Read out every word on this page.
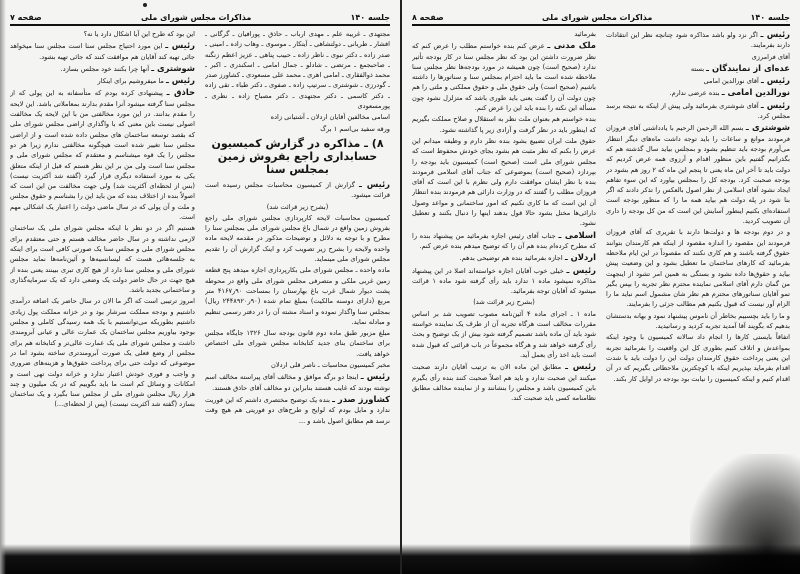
صفحه ۸	مذاکرات مجلس شورای ملی	جلسه ۱۴۰

رئیس ـ اگر نزد ولو باشد مذاکره شود چنانچه نظر این انتقادات دارند بفرمایند.

آقای فرامرزی

عده‌ای از نمایندگان ـ بسته

رئیس ـ آقای نورالدین امامی

نورالدین امامی ـ بنده عرضی ندارم.

رئیس ـ آقای شوشتری بفرمائید ولی پیش از اینکه به نتیجه برسد مجلس کرد.

شوشتری ـ بسم الله الرحمن الرحیم با یادداشتی آقای فروزان فرمودند موانع و ساعات را باید توجه داشت ماه‌های دیگر انتظار می‌آورم بودجه باید تنظیم بشود و بمجلس بیاید سال گذشته هم که بگذرانیم گفتیم باین منظور اقدام و آرزوی همه عرض کردیم که دولت باید تا آخر این ماه یعنی تا پنجم این ماه که ۲ روز هم بشود در بودجه صحبت کرد. بودجه کل را بمجلس بیاورد که این سوء تفاهم ایجاد نشود آقای اسلامی از نظر اصول بالعکس را تذکر دادند که اگر بنا شود در پله دولت هم بیاید همه ما را که منظور بودجه است استفاده‌ای بکنیم اینطور آسایش این است که من کل بودجه را داری آن تصویب کردید.

و در دوم بودجه ها و دولت‌ها دارند با تقریری که آقای فروزان فرمودند این مقصود را اندازه مقصود از اینکه هم کارمندان بتوانند حقوق گرفته باشند و هم کاری نکنند که مقصوداً در این ایام ملاحظه بفرمائید که کارهای ساختمان ما تعطیل بشود و این وضعیت پیش بیاید و حقوق‌ها داده نشود و بستگی به همین امر تشود از اینجهت من گمان دارم آقای اسلامی نماینده محترم نظر تجربه را بپس بگیر تمو آقایان سناتورهای محترم هم نظر شان مشمول اسم نباید ما را الزام آور نیست که قبول بکنیم هم مطالب جزئی را بفرمایند.

و ما را باید بچسبیم بخاطر آن ناموس پیشنهاد نمود و بهانه بدستشان بدهیم که بگویند آقا آمدید تجربه کردید و رسانیدید.

اتفاقاً بایستی کارها را انجام داد سالانه کمیسیون با وجود اینکه بمواعدش و اتلاف کنیم بطوری کل این واقعیت را بفرمائید تجربه این یعنی پرداخت حقوق کارمندان دولت این را دولت باید با شدت اقدام بفرماید بپذیریم اینکه با کوچکترین ملاحظاتی بگیریم که در آن اقدام کنیم و اینکه کمیسیون را نیابت بود بودجه در اوایل کار بکند.

بفرمائید

ملک مدنی ـ عرض کنم بنده خواستم مطلب را عرض کنم که نظر ضرورت داشتن این بود که نظر مجلس سنا در کار بودجه تأثیر ندارد (صحیح است) چون همیشه در مورد بودجه‌ها نظر مجلس سنا ملاحظه شده است ما باید احترام بمجلس سنا و سناتورها را داشته باشیم (صحیح است) ولی حقوق ملی و حقوق مملکتی و ملتی را هم چون دولت آن را گفت یعنی باید طوری باشد که متزلزل نشود چون مسأله این نکته را بنده باید این را عرض کنم.

بنده خواستم هم بعنوان ملت نظر به استقلال و صلاح مملکت بگیریم که اینطور باید در نظر گرفت و آزادی زیر پا گذاشته نشود.

حقوق ملت ایران تضییع بشود بنده نظر دارم و وظیفه میدانم این عرض را بکنم که نظر مثبت هم بشود بجای خودش محفوظ است که مجلس شورای ملی است (صحیح است) کمیسیون باید بودجه را بپردازد (صحیح است) بموضوعی که جناب آقای اسلامی فرمودند بنده با نظر ایشان موافقت دارم ولی نظرم با این است که آقای فروزان مطلب را گفتند که در وزارت دارائی هم فرمودند بنده انتظار آن این است که ما کاری نکنیم که امور ساختمانی و مواعد وصول دارائی‌ها مختل بشود حالا قول بدهند اینها را دنبال بکنند و تعطیل نشود.

اسلامی ـ جناب آقای رئیس اجازه بفرمائید من پیشنهاد بنده را که مطرح کرده‌ام بنده هم آن را که توضیح میدهم بنده عرض کنم.

اردلان ـ اجازه بفرمائید بنده هم توضیحی بدهم.

رئیس ـ خیلی خوب آقایان اجازه خواسته‌اند اصلا در این پیشنهاد مذاکره نمیشود ماده ۱ تدارد باید رأی گرفته شود ماده ۱ قرائت میشود که آقایان توجه بفرمائید.

(بشرح زیر قرائت شد)

ماده ۱ ـ اجرای ماده ۴ آئین‌نامه مصوب تصویب شد بر اساس مقررات مخالف است هرگاه تجربه آن از طرف یک نماینده خواسته شود باید آن ماده باشد تصمیم گرفته شود بیش از یک توضیح و بحث رأی گرفته خواهد شد و هرگاه مجموعاً در باب قرائتی که قبول شده است باید اخذ رأی بعمل آید.

رئیس ـ مطابق این ماده الان به ترتیب آقایان دارند صحبت میکنند این صحبت ندارد و باید هم اصلاً صحبت کنند بنده رأی بگیرم باین کمیسیون باشد و مجلس را بنشانند و از نماینده مخالف مطابق نظامنامه کسی باید صحبت کند.

صفحه ۷	مذاکرات مجلس شورای ملی	جلسه ۱۴۰

مجتهدی ـ غریبه علم ـ مهدی ارباب ـ حاذق ـ پورافیان ـ گرگانی ـ افشار ـ طریانی ـ دولتشاهی ـ آیتکار ـ موسوی ـ وهاب زاده ـ امینی ـ صدر زاده ـ دکتر نبوی ـ ناظر زاده ـ حبیب پناهی ـ عزیز اعظم زنگنه ـ صاحبجمع ـ مرتضی ـ شادلو ـ جمال امامی ـ اسکندری ـ اکبر ـ محمد ذوالفقاری ـ امامی اهری ـ محمد علی مسعودی ـ کشاورز صدر ـ گودرزی ـ شوشتری ـ سرتیپ زاده ـ صفوی ـ دکتر طباء ـ تقی زاده ـ دکتر کاسمی ـ دکتر مجتهدی ـ دکتر مصباح زاده ـ نظری ـ پورمسعودی

اسامی مخالفین آقایان اردلان ـ آشتیانی زاده

ورقه سفید بی‌اسم ۱ برگ

۸) ـ مذاکره در گزارش کمیسیون حسابداری راجع بفروش زمین بمجلس سنا

رئیس ـ گزارش از کمیسیون محاسبات مجلس رسیده است قرائت میشود.

(بشرح زیر قرائت شد)

کمیسیون محاسبات لایحه کارپردازی مجلس شورای ملی راجع بفروش زمین واقع در شمال باغ مجلس شورای ملی بمجلس سنا را مطرح و با توجه به دلائل و توضیحات مذکور در مقدمه لایحه ماده واحده ولایحه را بشرح زیر تصویب کرد و اینک گزارش آن را تقدیم مجلس شورای ملی مینماید.

ماده واحده ـ مجلس شورای ملی بکارپردازی اجازه میدهد پنج قطعه زمین غربی ملکی و متصرفی مجلس شورای ملی واقع در محوطه پشت دیوار شمال غرب باغ بهارستان را بمساحت ۹۰ر۴۱۶۷ متر مربع (دارای دوسنه مالکیت) بمبلغ تمام شده (۹۰ر۲۴۴۸۹۲۰ ریال) بمجلس سنا واگذار نموده و اسناد مشته آن را در دفتر رسمی تنظیم و مبادله نماید.

مبلغ مزبور طبق ماده دوم قانون بودجه سال ۱۳۲۶ جایگاه مجلس برای ساختمان بنای جدید کتابخانه مجلس شورای ملی اختصاص خواهد یافت.

مخبر کمیسیون محاسبات ـ ناصر قلی اردلان

رئیس ـ اینجا دو برگه موافق و مخالف آقای پیراسته مخالف اسم نوشته بودند که غایب هستند بنابراین دو مخالف آقای حاذق هستند.

کشاورز صدر ـ بنده یک توضیح مختصری داشتم که این فوریت ندارد و مایل بودم که لوایح و طرح‌های دو فوریتی هم هیچ وقت نرسد هم مطابق اصول باشد و ...

این بود که طرح این آیا اشکال دارد یا نه؟

رئیس ـ این مورد احتیاج مجلس سنا است مجلس سنا میخواهد جائی تهیه کند آقایان هم موافقت کنند که جائی تهیه بشود.

شوشتری ـ آنها چرا بکنند خود مجلس بسازد.

رئیس ـ ما میفروشیم برای اینکار

حاذق ـ پیشنهادی کرده بودم که متأسفانه به این پولی که از مجلس سنا گرفته میشود آنرا مقدم بدارند بمعاملاتی باشد. این لایحه را مقدم بدانند. در این مورد مخالفتی من با این لایحه یک مخالفت اصولی نیست باین معنی که با واگذاری اراضی مجلس شورای ملی که بقصد توسعه ساختمان های مجلس داده شده است و از اراضی مجلس سنا تغییر شده است هیچگونه مخالفتی ندارم زیرا هر دو مجلس را یک قوه میشناسم و معتقدم که مجلس شورای ملی و مجلس سنا است ولی من بر این نظر هستم که قبل از اینکه متعلق یکی به مورد استفاده دیگری قرار گیرد (گفته شد آکثریت نیست) (بس از لحظه‌ای آکثریت شد) ولی جهت مخالفت من این است که اصولاً بنده از اختلاف بنده که من باید این را بشناسم و حقوق مجلس و ملت و آن پولی که در سال ماضی دولت را اعتبار یک اشکالی مهم است.

هستیم اگر در دو نظر با اینکه مجلس شورای ملی یک ساختمان لازمی نداشته و در سال حاضر مخالف هستم و حتی معتقدم برای مجلس شورای ملی و مجلس سنا یک صورتی کافی است برای اینکه به جلسه‌هائی هست که لیسانسیه‌ها و آئین‌نامه‌ها نماید مجلس شورای ملی و مجلس سنا دارد از هیچ کاری تبری ببینند یعنی بنده از هیچ جهت در حال حاضر دولت یک وضعی دارد که یک سرمایه‌گذاری و ساختمانی بجدید باشد.

امروز ترتیبی است که اگر ما الان در سال حاضر یک اضافه درآمدی داشتیم و بودجه مملکت سرشار بود و در خزانه مملکت پول زیادی داشتیم بطوریکه می‌توانستیم با یک همه رسیدگی کاملی و مجلس بوجود بیاوریم مجلس ساختمان یک عمارت عالی و عیانی آبرومندی داشت و مجلس شورای ملی یک عمارت عالی‌تر و کتابخانه هم برای مجلس از وضع فعلی یک صورت آبرومندتری ساخته بشود اما در موضوعی که دولت حتی برای پرداخت حقوق‌ها و هزینه‌های ضروری و واجب و فوری خودش اعتبار ندارد و خزانه دولت تهی است و امکانات و وسائل کم است ما باید بگوییم که در یک میلیون و چند هزار ریال مجلس شورای ملی از مجلس سنا بگیرد و یک ساختمان بسازد (گفته شد آکثریت نیست) (پس از لحظه‌ای...)
